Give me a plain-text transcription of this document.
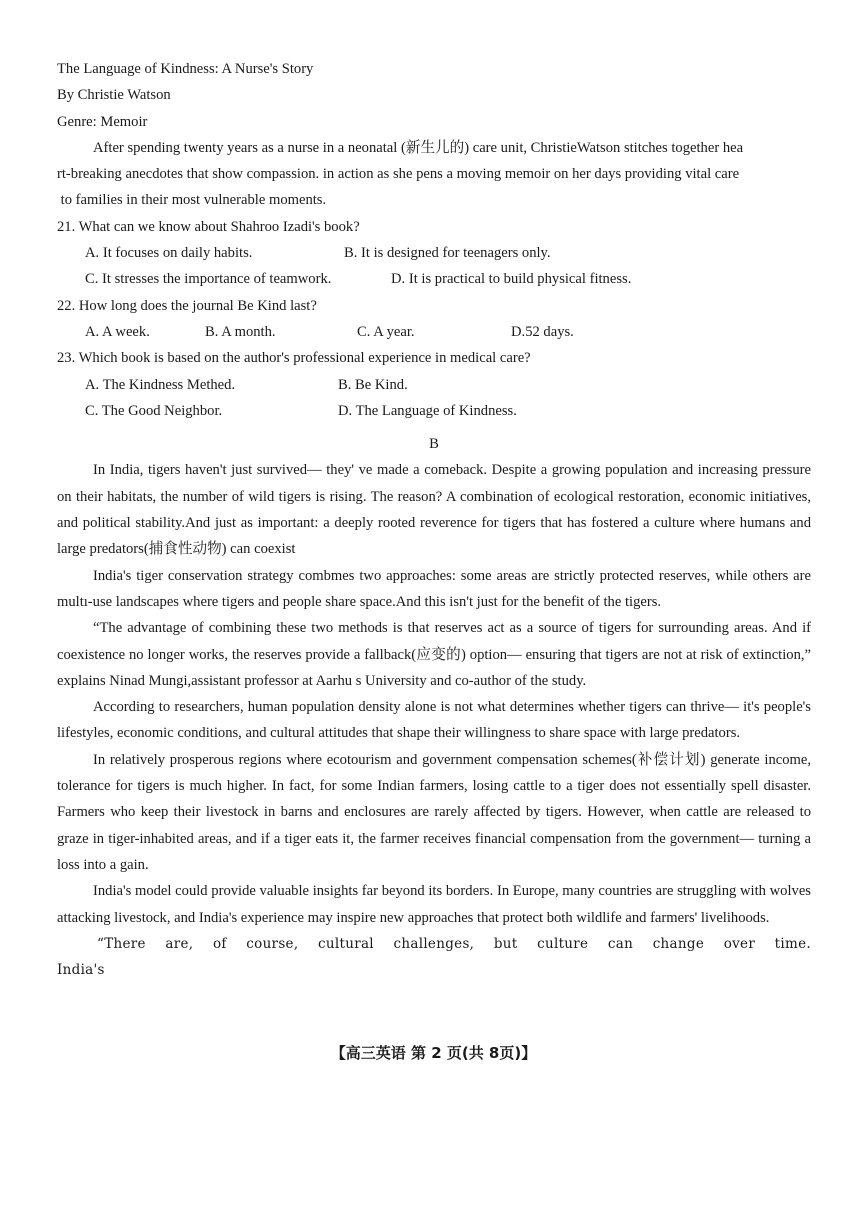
The Language of Kindness: A Nurse's Story
By Christie Watson
Genre: Memoir
After spending twenty years as a nurse in a neonatal (新生儿的) care unit, ChristieWatson stitches together hea
rt-breaking anecdotes that show compassion. in action as she pens a moving memoir on her days providing vital care
to families in their most vulnerable moments.
21. What can we know about Shahroo Izadi's book?
A. It focuses on daily habits.	B. It is designed for teenagers only.
C. It stresses the importance of teamwork.	D. It is practical to build physical fitness.
22. How long does the journal Be Kind last?
A. A week.	B. A month.	C. A year.	D.52 days.
23. Which book is based on the author's professional experience in medical care?
A. The Kindness Methed.	B. Be Kind.
C. The Good Neighbor.	D. The Language of Kindness.
B
In India, tigers haven't just survived— they' ve made a comeback. Despite a growing population and increasing pressure on their habitats, the number of wild tigers is rising. The reason? A combination of ecological restoration, economic initiatives, and political stability.And just as important: a deeply rooted reverence for tigers that has fostered a culture where humans and large predators(捕食性动物) can coexist
India's tiger conservation strategy combmes two approaches: some areas are strictly protected reserves, while others are multı-use landscapes where tigers and people share space.And this isn't just for the benefit of the tigers.
“The advantage of combining these two methods is that reserves act as a source of tigers for surrounding areas. And if coexistence no longer works, the reserves provide a fallback(应变的) option— ensuring that tigers are not at risk of extinction,” explains Ninad Mungi,assistant professor at Aarhu s University and co-author of the study.
According to researchers, human population density alone is not what determines whether tigers can thrive— it's people's lifestyles, economic conditions, and cultural attitudes that shape their willingness to share space with large predators.
In relatively prosperous regions where ecotourism and government compensation schemes(补偿计划) generate income, tolerance for tigers is much higher. In fact, for some Indian farmers, losing cattle to a tiger does not essentially spell disaster. Farmers who keep their livestock in barns and enclosures are rarely affected by tigers. However, when cattle are released to graze in tiger-inhabited areas, and if a tiger eats it, the farmer receives financial compensation from the government— turning a loss into a gain.
India's model could provide valuable insights far beyond its borders. In Europe, many countries are struggling with wolves attacking livestock, and India's experience may inspire new approaches that protect both wildlife and farmers' livelihoods.
“There are, of course, cultural challenges, but culture can change over time. India's
【高三英语 第 2 页(共 8页)】
